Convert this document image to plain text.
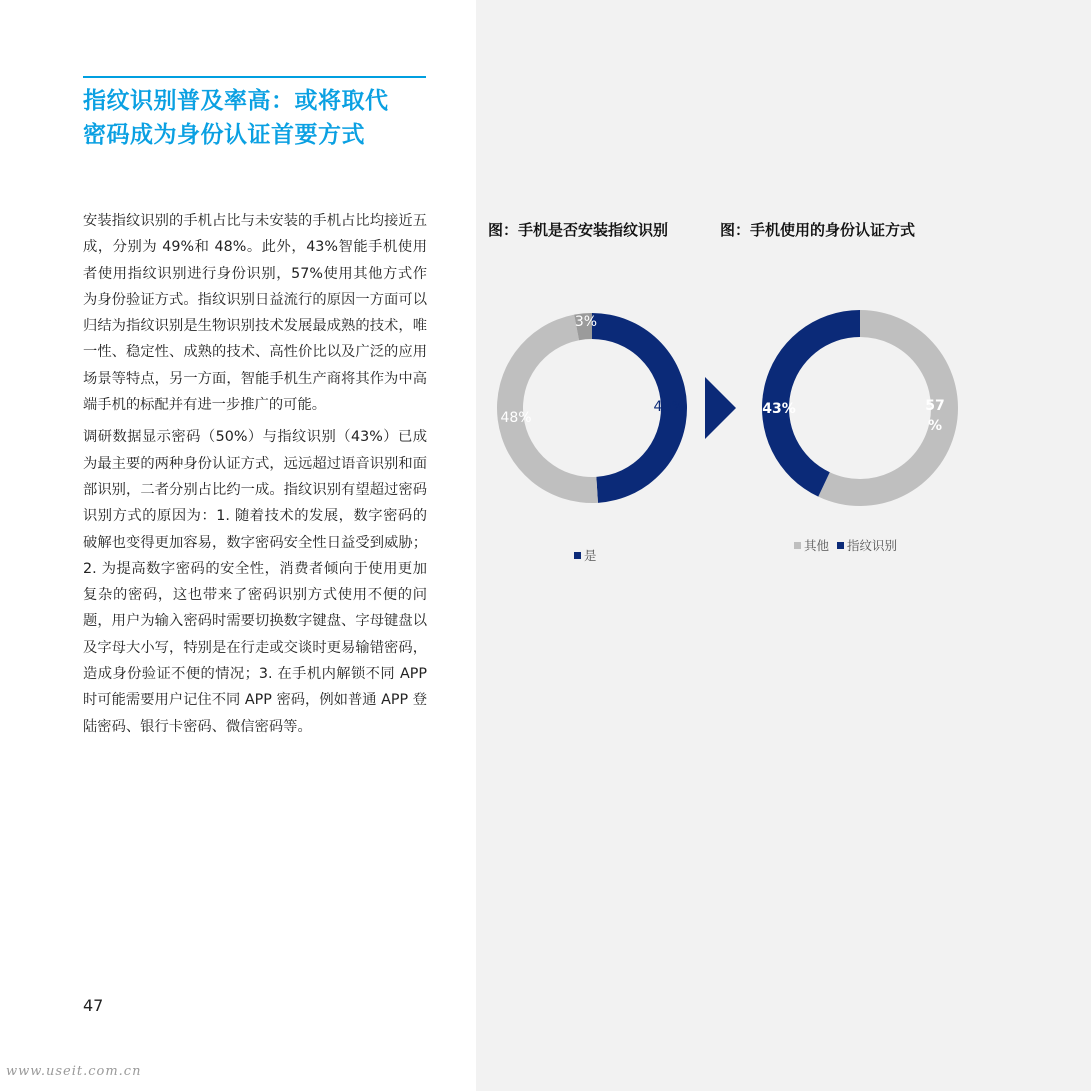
指纹识别普及率高：或将取代
密码成为身份认证首要方式

安装指纹识别的手机占比与未安装的手机占比均接近五成，分别为 49%和 48%。此外，43%智能手机使用者使用指纹识别进行身份识别，57%使用其他方式作为身份验证方式。指纹识别日益流行的原因一方面可以归结为指纹识别是生物识别技术发展最成熟的技术，唯一性、稳定性、成熟的技术、高性价比以及广泛的应用场景等特点，另一方面，智能手机生产商将其作为中高端手机的标配并有进一步推广的可能。

调研数据显示密码（50%）与指纹识别（43%）已成为最主要的两种身份认证方式，远远超过语音识别和面部识别，二者分别占比约一成。指纹识别有望超过密码识别方式的原因为：1. 随着技术的发展，数字密码的破解也变得更加容易，数字密码安全性日益受到威胁；2. 为提高数字密码的安全性，消费者倾向于使用更加复杂的密码，这也带来了密码识别方式使用不便的问题，用户为输入密码时需要切换数字键盘、字母键盘以及字母大小写，特别是在行走或交谈时更易输错密码，造成身份验证不便的情况；3. 在手机内解锁不同 APP 时可能需要用户记住不同 APP 密码，例如普通 APP 登陆密码、银行卡密码、微信密码等。

47
www.useit.com.cn
图：手机是否安装指纹识别	图：手机使用的身份认证方式
49%
48%
3%
57 %
43%
是
其他 指纹识别
